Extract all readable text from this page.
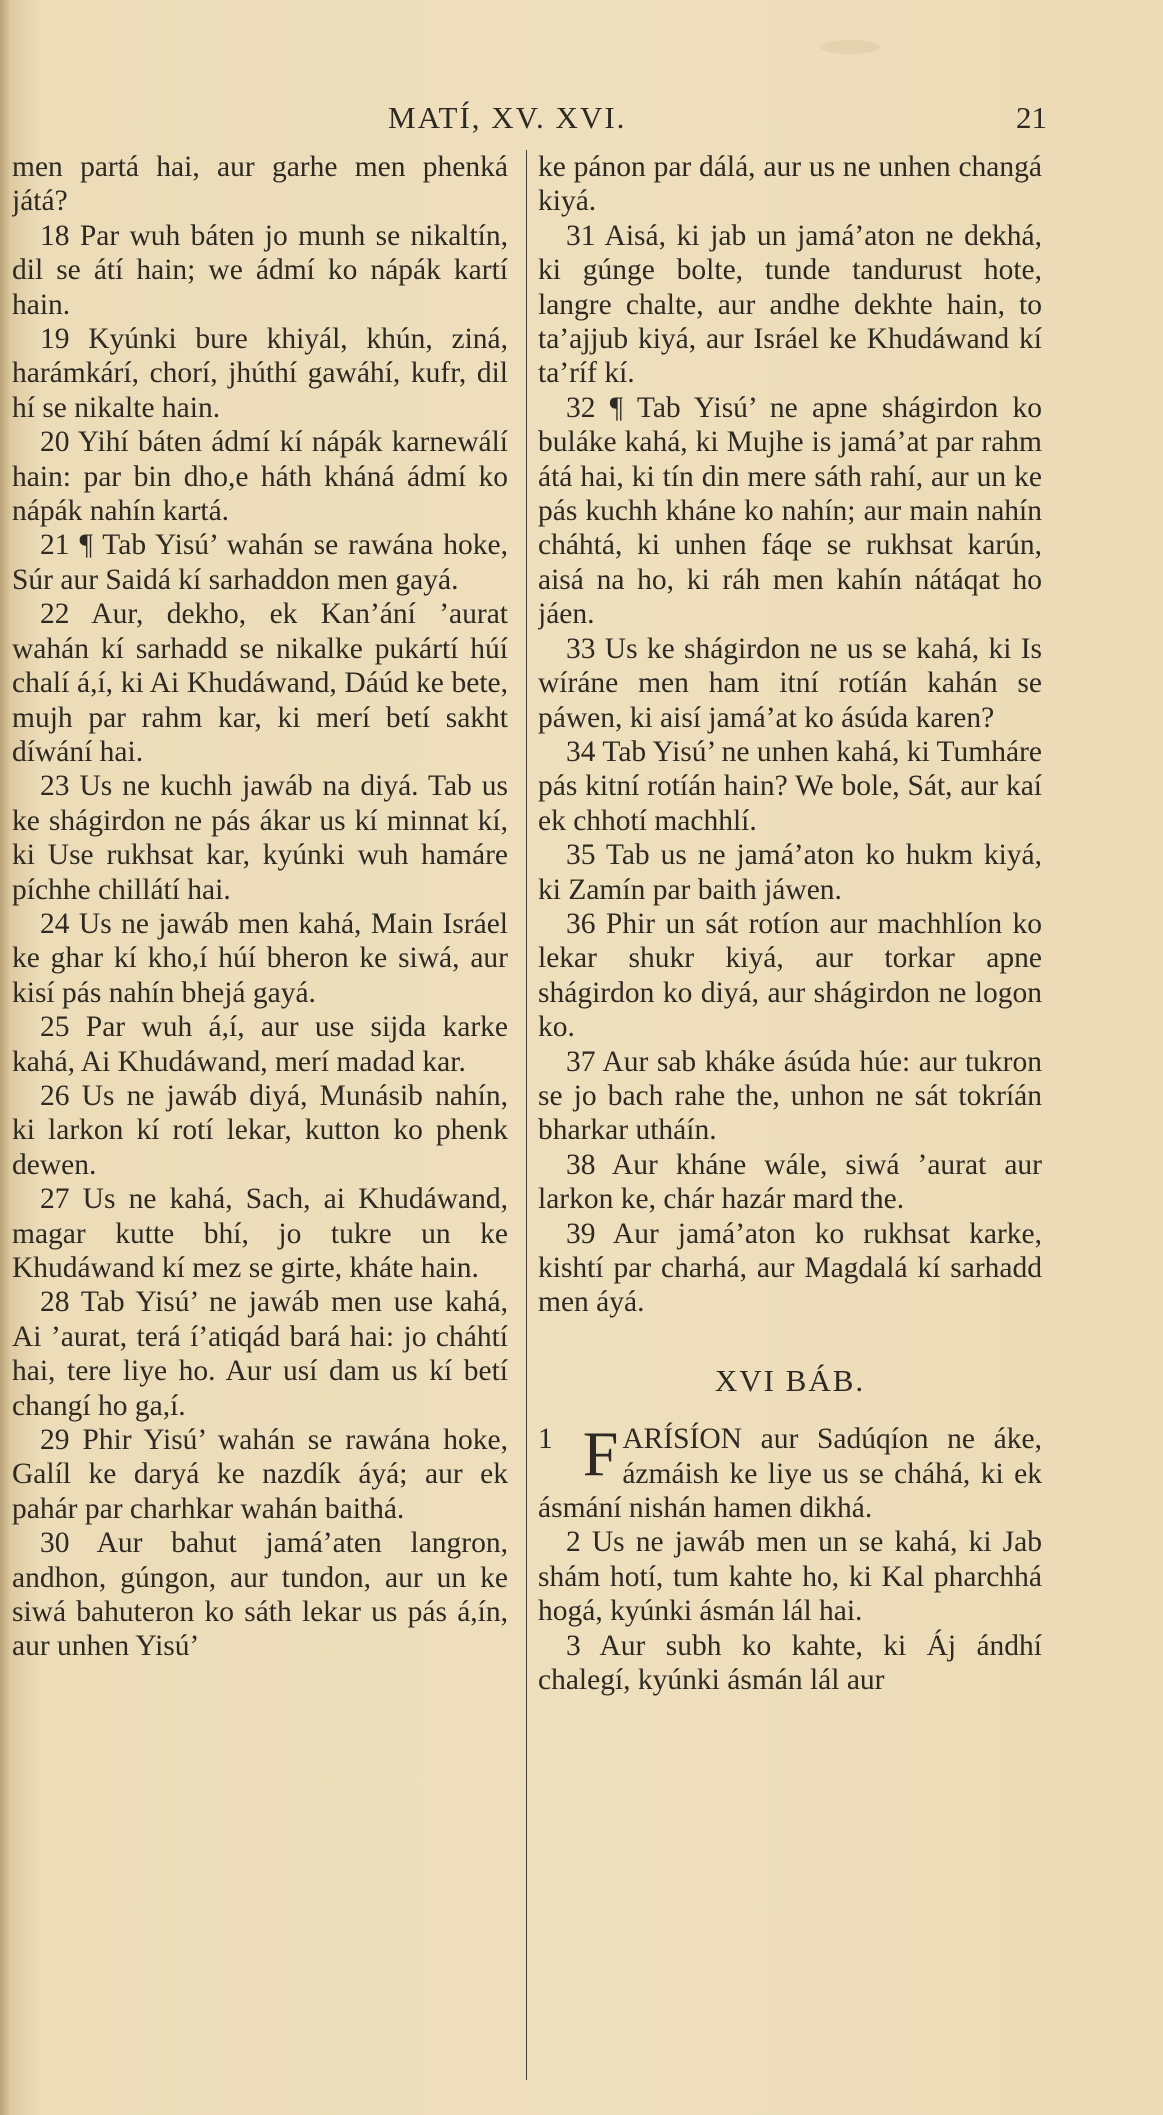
MATÍ, XV. XVI.	21

men partá hai, aur garhe men phenká játá?

18 Par wuh báten jo munh se nikaltín, dil se átí hain; we ádmí ko nápák kartí hain.

19 Kyúnki bure khiyál, khún, ziná, harámkárí, chorí, jhúthí gawáhí, kufr, dil hí se nikalte hain.

20 Yihí báten ádmí kí nápák karnewálí hain: par bin dho,e háth kháná ádmí ko nápák nahín kartá.

21 ¶ Tab Yisú’ wahán se rawána hoke, Súr aur Saidá kí sarhaddon men gayá.

22 Aur, dekho, ek Kan’ání ’aurat wahán kí sarhadd se nikalke pukártí húí chalí á,í, ki Ai Khudáwand, Dáúd ke bete, mujh par rahm kar, ki merí betí sakht díwání hai.

23 Us ne kuchh jawáb na diyá. Tab us ke shágirdon ne pás ákar us kí minnat kí, ki Use rukhsat kar, kyúnki wuh hamáre píchhe chillátí hai.

24 Us ne jawáb men kahá, Main Isráel ke ghar kí kho,í húí bheron ke siwá, aur kisí pás nahín bhejá gayá.

25 Par wuh á,í, aur use sijda karke kahá, Ai Khudáwand, merí madad kar.

26 Us ne jawáb diyá, Munásib nahín, ki larkon kí rotí lekar, kutton ko phenk dewen.

27 Us ne kahá, Sach, ai Khudáwand, magar kutte bhí, jo tukre un ke Khudáwand kí mez se girte, kháte hain.

28 Tab Yisú’ ne jawáb men use kahá, Ai ’aurat, terá í’atiqád bará hai: jo cháhtí hai, tere liye ho. Aur usí dam us kí betí changí ho ga,í.

29 Phir Yisú’ wahán se rawána hoke, Galíl ke daryá ke nazdík áyá; aur ek pahár par charhkar wahán baithá.

30 Aur bahut jamá’aten langron, andhon, gúngon, aur tundon, aur un ke siwá bahuteron ko sáth lekar us pás á,ín, aur unhen Yisú’

ke pánon par dálá, aur us ne unhen changá kiyá.

31 Aisá, ki jab un jamá’aton ne dekhá, ki gúnge bolte, tunde tandurust hote, langre chalte, aur andhe dekhte hain, to ta’ajjub kiyá, aur Isráel ke Khudáwand kí ta’ríf kí.

32 ¶ Tab Yisú’ ne apne shágirdon ko buláke kahá, ki Mujhe is jamá’at par rahm átá hai, ki tín din mere sáth rahí, aur un ke pás kuchh kháne ko nahín; aur main nahín cháhtá, ki unhen fáqe se rukhsat karún, aisá na ho, ki ráh men kahín nátáqat ho jáen.

33 Us ke shágirdon ne us se kahá, ki Is wíráne men ham itní rotíán kahán se páwen, ki aisí jamá’at ko ásúda karen?

34 Tab Yisú’ ne unhen kahá, ki Tumháre pás kitní rotíán hain? We bole, Sát, aur kaí ek chhotí machhlí.

35 Tab us ne jamá’aton ko hukm kiyá, ki Zamín par baith jáwen.

36 Phir un sát rotíon aur machhlíon ko lekar shukr kiyá, aur torkar apne shágirdon ko diyá, aur shágirdon ne logon ko.

37 Aur sab kháke ásúda húe: aur tukron se jo bach rahe the, unhon ne sát tokríán bharkar utháín.

38 Aur kháne wále, siwá ’aurat aur larkon ke, chár hazár mard the.

39 Aur jamá’aton ko rukhsat karke, kishtí par charhá, aur Magdalá kí sarhadd men áyá.

XVI BÁB.

1 F ARÍSÍON aur Sadúqíon ne áke, ázmáish ke liye us se cháhá, ki ek ásmání nishán hamen dikhá.

2 Us ne jawáb men un se kahá, ki Jab shám hotí, tum kahte ho, ki Kal pharchhá hogá, kyúnki ásmán lál hai.

3 Aur subh ko kahte, ki Áj ándhí chalegí, kyúnki ásmán lál aur
